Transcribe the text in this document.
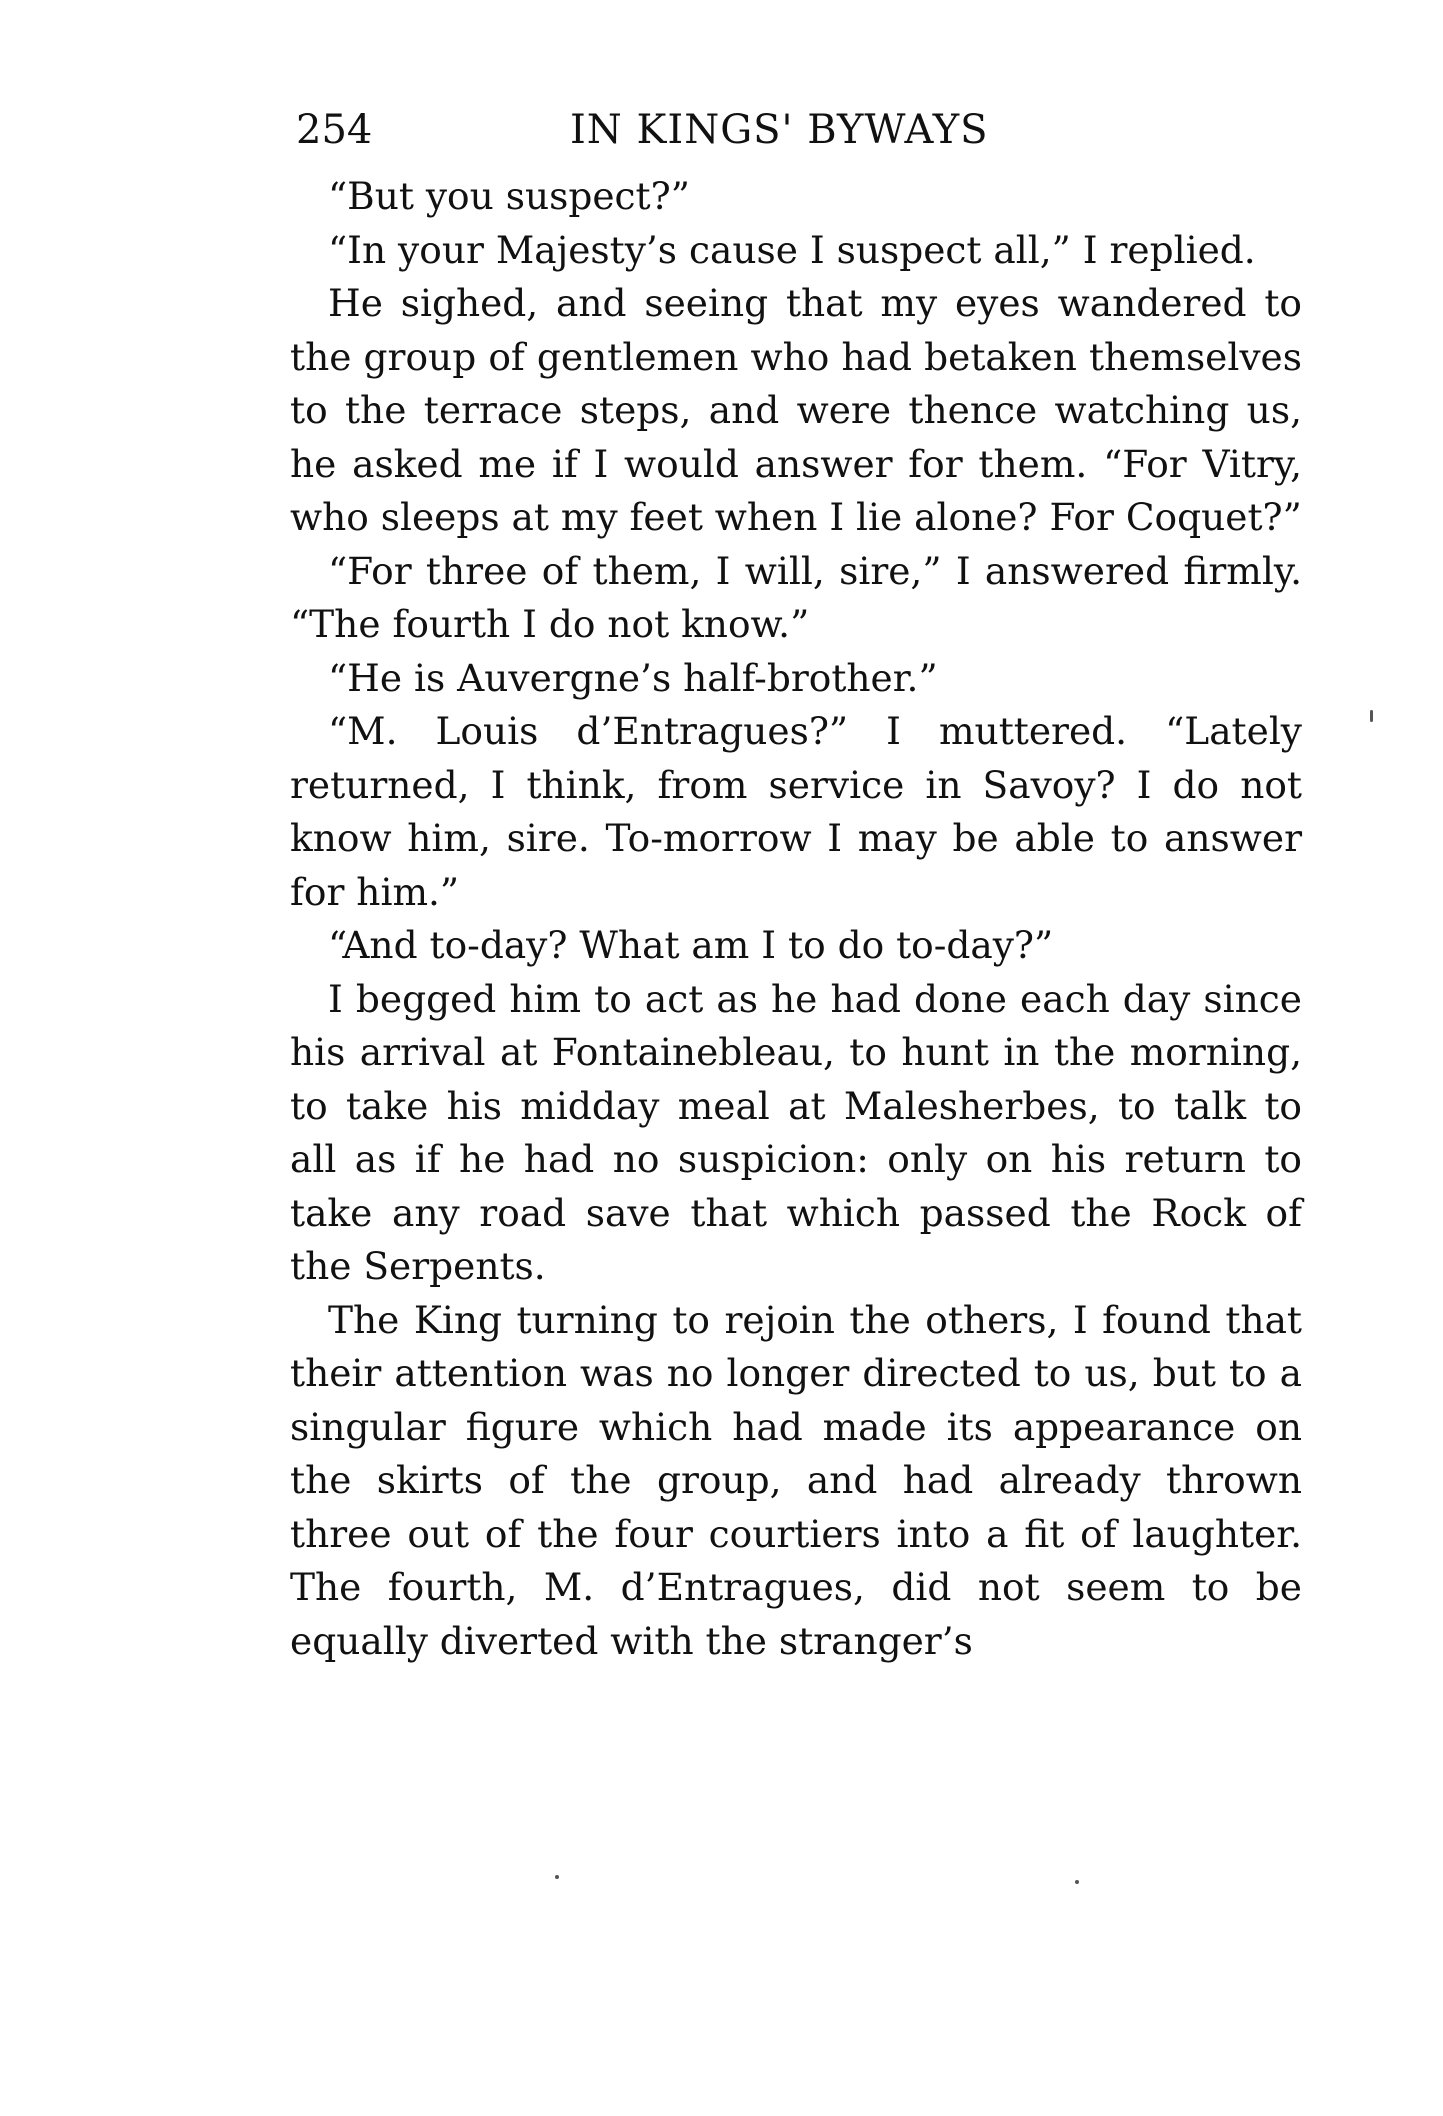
254	IN KINGS' BYWAYS

“But you suspect?”

“In your Majesty’s cause I suspect all,” I replied.

He sighed, and seeing that my eyes wandered to the group of gentlemen who had betaken themselves to the terrace steps, and were thence watching us, he asked me if I would answer for them. “For Vitry, who sleeps at my feet when I lie alone? For Coquet?”

“For three of them, I will, sire,” I answered firmly. “The fourth I do not know.”

“He is Auvergne’s half-brother.”

“M. Louis d’Entragues?” I muttered. “Lately returned, I think, from service in Savoy? I do not know him, sire. To-morrow I may be able to answer for him.”

“And to-day? What am I to do to-day?”

I begged him to act as he had done each day since his arrival at Fontainebleau, to hunt in the morning, to take his midday meal at Malesherbes, to talk to all as if he had no suspicion: only on his return to take any road save that which passed the Rock of the Serpents.

The King turning to rejoin the others, I found that their attention was no longer directed to us, but to a singular figure which had made its appearance on the skirts of the group, and had already thrown three out of the four courtiers into a fit of laughter. The fourth, M. d’Entragues, did not seem to be equally diverted with the stranger’s
